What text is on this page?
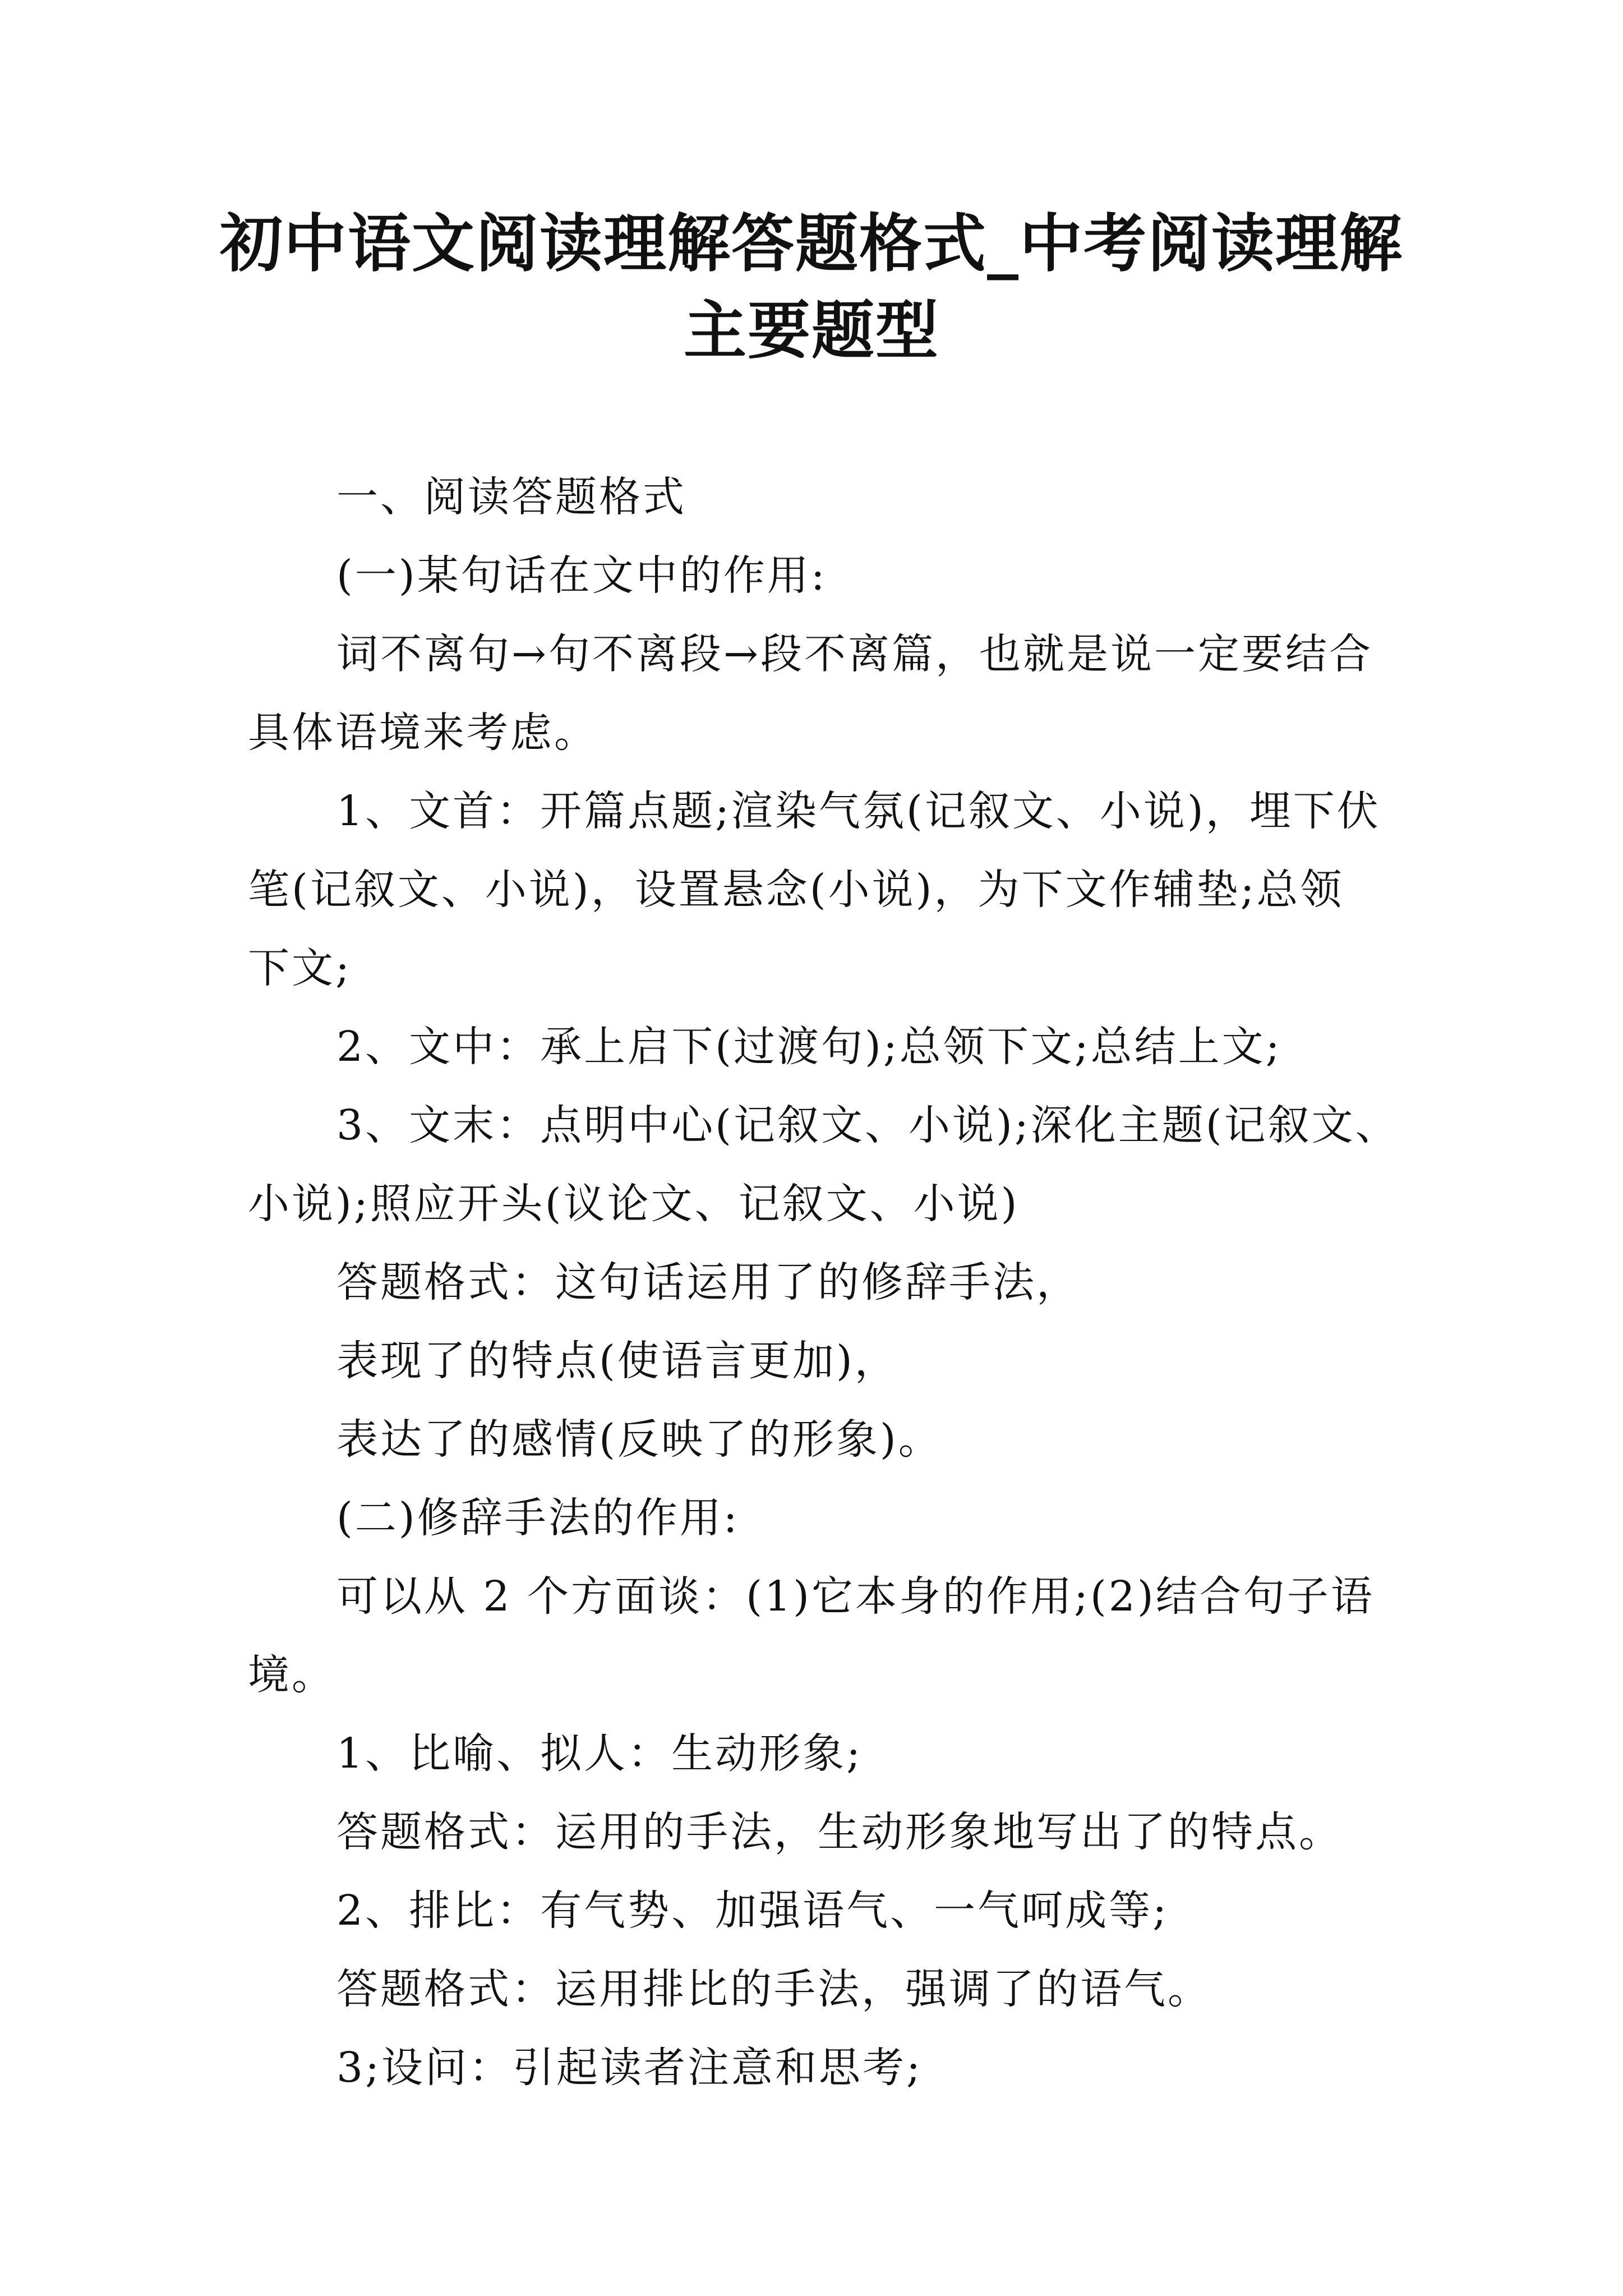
初中语文阅读理解答题格式_中考阅读理解
主要题型

一、阅读答题格式

(一)某句话在文中的作用:

词不离句→句不离段→段不离篇，也就是说一定要结合

具体语境来考虑。

1、文首：开篇点题;渲染气氛(记叙文、小说)，埋下伏

笔(记叙文、小说)，设置悬念(小说)，为下文作辅垫;总领

下文;

2、文中：承上启下(过渡句);总领下文;总结上文;

3、文末：点明中心(记叙文、小说);深化主题(记叙文、

小说);照应开头(议论文、记叙文、小说)

答题格式：这句话运用了的修辞手法，

表现了的特点(使语言更加)，

表达了的感情(反映了的形象)。

(二)修辞手法的作用:

可以从 2 个方面谈：(1)它本身的作用;(2)结合句子语

境。

1、比喻、拟人：生动形象;

答题格式：运用的手法，生动形象地写出了的特点。

2、排比：有气势、加强语气、一气呵成等;

答题格式：运用排比的手法，强调了的语气。

3;设问：引起读者注意和思考;
